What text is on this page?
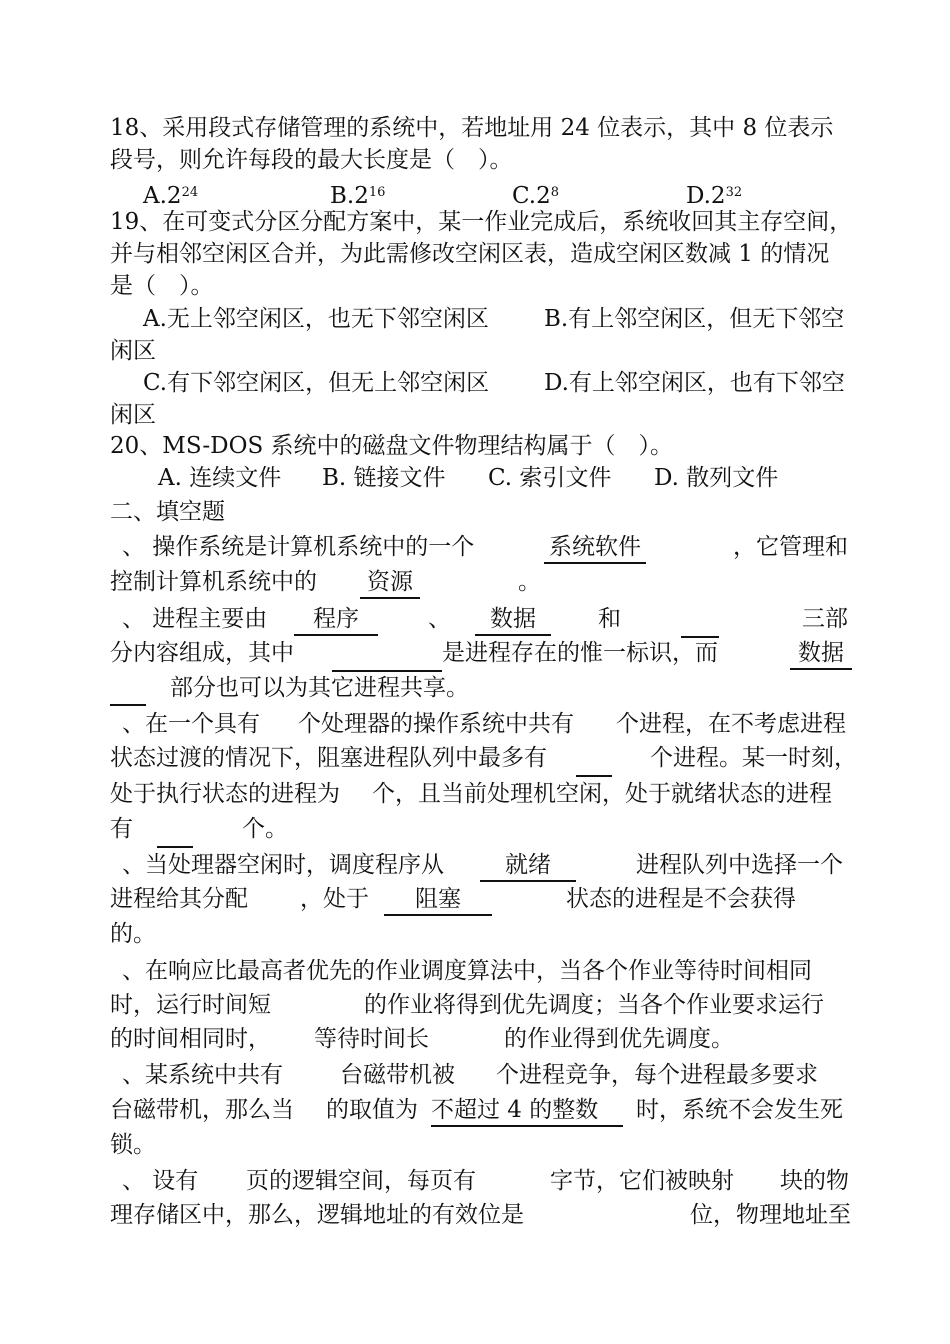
18、采用段式存储管理的系统中，若地址用 24 位表示，其中 8 位表示
段号，则允许每段的最大长度是（　）。
$A.2^{24}$	$B.2^{16}$	$C.2^8$	$D.2^{32}$
19、在可变式分区分配方案中，某一作业完成后，系统收回其主存空间，
并与相邻空闲区合并，为此需修改空闲区表，造成空闲区数减 1 的情况
是（　）。
A.无上邻空闲区，也无下邻空闲区 B.有上邻空闲区，但无下邻空
闲区
C.有下邻空闲区，但无上邻空闲区 D.有上邻空闲区，也有下邻空
闲区
20、MS-DOS 系统中的磁盘文件物理结构属于（　）。
A. 连续文件 B. 链接文件 C. 索引文件 D. 散列文件
二、填空题
、 操作系统是计算机系统中的一个	系统软件	，它管理和
控制计算机系统中的	资源	。
、 进程主要由	程序	、	数据	和	三部
分内容组成，其中	是进程存在的惟一标识，而	数据
部分也可以为其它进程共享。
、在一个具有 个处理器的操作系统中共有 个进程，在不考虑进程
状态过渡的情况下，阻塞进程队列中最多有	个进程。某一时刻，
处于执行状态的进程为 个，且当前处理机空闲，处于就绪状态的进程
有	个。
、当处理器空闲时，调度程序从	就绪	进程队列中选择一个
进程给其分配 ，处于	阻塞	状态的进程是不会获得
的。
、在响应比最高者优先的作业调度算法中，当各个作业等待时间相同
时，运行时间短	的作业将得到优先调度；当各个作业要求运行
的时间相同时， 等待时间长	的作业得到优先调度。
、某系统中共有 台磁带机被 个进程竞争，每个进程最多要求
台磁带机，那么当 的取值为 不超过 4 的整数	时，系统不会发生死
锁。
、 设有 页的逻辑空间，每页有	字节，它们被映射 块的物
理存储区中，那么，逻辑地址的有效位是	位，物理地址至
